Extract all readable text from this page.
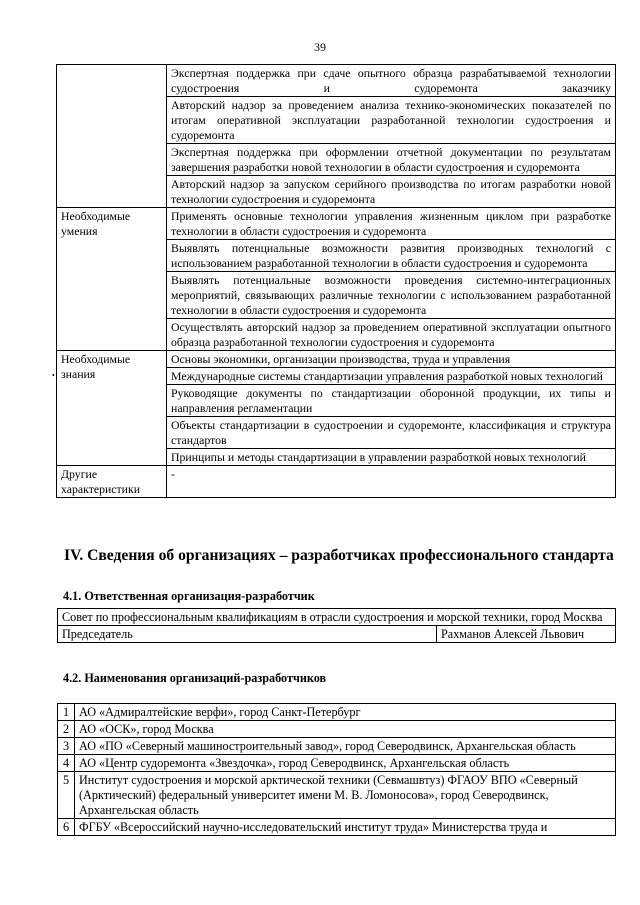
39
•
	Экспертная поддержка при сдаче опытного образца разрабатываемой технологии судостроения и судоремонта заказчику
	Авторский надзор за проведением анализа технико-экономических показателей по итогам оперативной эксплуатации разработанной технологии судостроения и судоремонта
	Экспертная поддержка при оформлении отчетной документации по результатам завершения разработки новой технологии в области судостроения и судоремонта
	Авторский надзор за запуском серийного производства по итогам разработки новой технологии судостроения и судоремонта
Необходимые умения	Применять основные технологии управления жизненным циклом при разработке технологии в области судостроения и судоремонта
	Выявлять потенциальные возможности развития производных технологий с использованием разработанной технологии в области судостроения и судоремонта
	Выявлять потенциальные возможности проведения системно-интеграционных мероприятий, связывающих различные технологии с использованием разработанной технологии в области судостроения и судоремонта
	Осуществлять авторский надзор за проведением оперативной эксплуатации опытного образца разработанной технологии судостроения и судоремонта
Необходимые знания	Основы экономики, организации производства, труда и управления
	Международные системы стандартизации управления разработкой новых технологий
	Руководящие документы по стандартизации оборонной продукции, их типы и направления регламентации
	Объекты стандартизации в судостроении и судоремонте, классификация и структура стандартов
	Принципы и методы стандартизации в управлении разработкой новых технологий
Другие характеристики	-
IV. Сведения об организациях – разработчиках профессионального стандарта
4.1. Ответственная организация-разработчик
Совет по профессиональным квалификациям в отрасли судостроения и морской техники, город Москва
Председатель	Рахманов Алексей Львович
4.2. Наименования организаций-разработчиков
1	АО «Адмиралтейские верфи», город Санкт-Петербург
2	АО «ОСК», город Москва
3	АО «ПО «Северный машиностроительный завод», город Северодвинск, Архангельская область
4	АО «Центр судоремонта «Звездочка», город Северодвинск, Архангельская область
5	Институт судостроения и морской арктической техники (Севмашвтуз) ФГАОУ ВПО «Северный (Арктический) федеральный университет имени М. В. Ломоносова», город Северодвинск, Архангельская область
6	ФГБУ «Всероссийский научно-исследовательский институт труда» Министерства труда и
